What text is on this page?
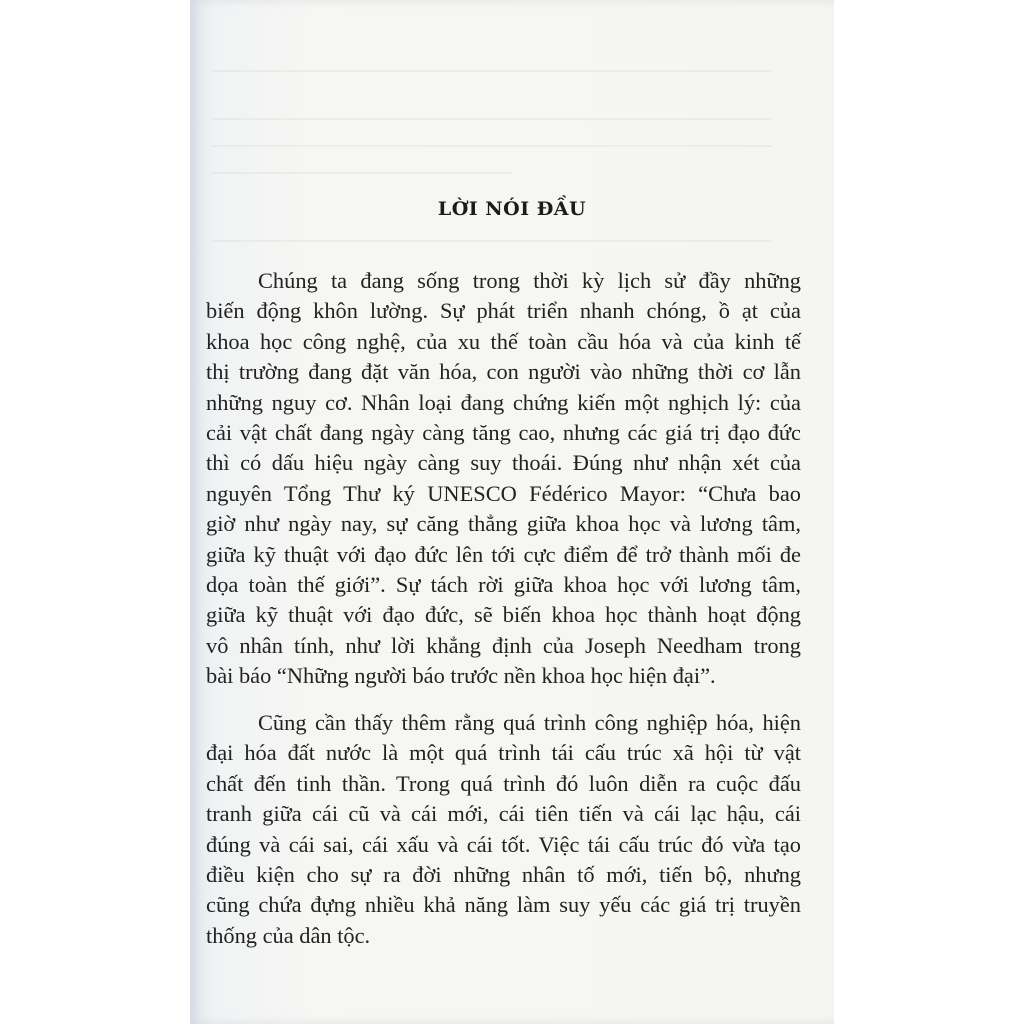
LỜI NÓI ĐẦU
Chúng ta đang sống trong thời kỳ lịch sử đầy những
biến động khôn lường. Sự phát triển nhanh chóng, ồ ạt của
khoa học công nghệ, của xu thế toàn cầu hóa và của kinh tế
thị trường đang đặt văn hóa, con người vào những thời cơ lẫn
những nguy cơ. Nhân loại đang chứng kiến một nghịch lý: của
cải vật chất đang ngày càng tăng cao, nhưng các giá trị đạo đức
thì có dấu hiệu ngày càng suy thoái. Đúng như nhận xét của
nguyên Tổng Thư ký UNESCO Fédérico Mayor: “Chưa bao
giờ như ngày nay, sự căng thẳng giữa khoa học và lương tâm,
giữa kỹ thuật với đạo đức lên tới cực điểm để trở thành mối đe
dọa toàn thế giới”. Sự tách rời giữa khoa học với lương tâm,
giữa kỹ thuật với đạo đức, sẽ biến khoa học thành hoạt động
vô nhân tính, như lời khẳng định của Joseph Needham trong
bài báo “Những người báo trước nền khoa học hiện đại”.
Cũng cần thấy thêm rằng quá trình công nghiệp hóa, hiện
đại hóa đất nước là một quá trình tái cấu trúc xã hội từ vật
chất đến tinh thần. Trong quá trình đó luôn diễn ra cuộc đấu
tranh giữa cái cũ và cái mới, cái tiên tiến và cái lạc hậu, cái
đúng và cái sai, cái xấu và cái tốt. Việc tái cấu trúc đó vừa tạo
điều kiện cho sự ra đời những nhân tố mới, tiến bộ, nhưng
cũng chứa đựng nhiều khả năng làm suy yếu các giá trị truyền
thống của dân tộc.
